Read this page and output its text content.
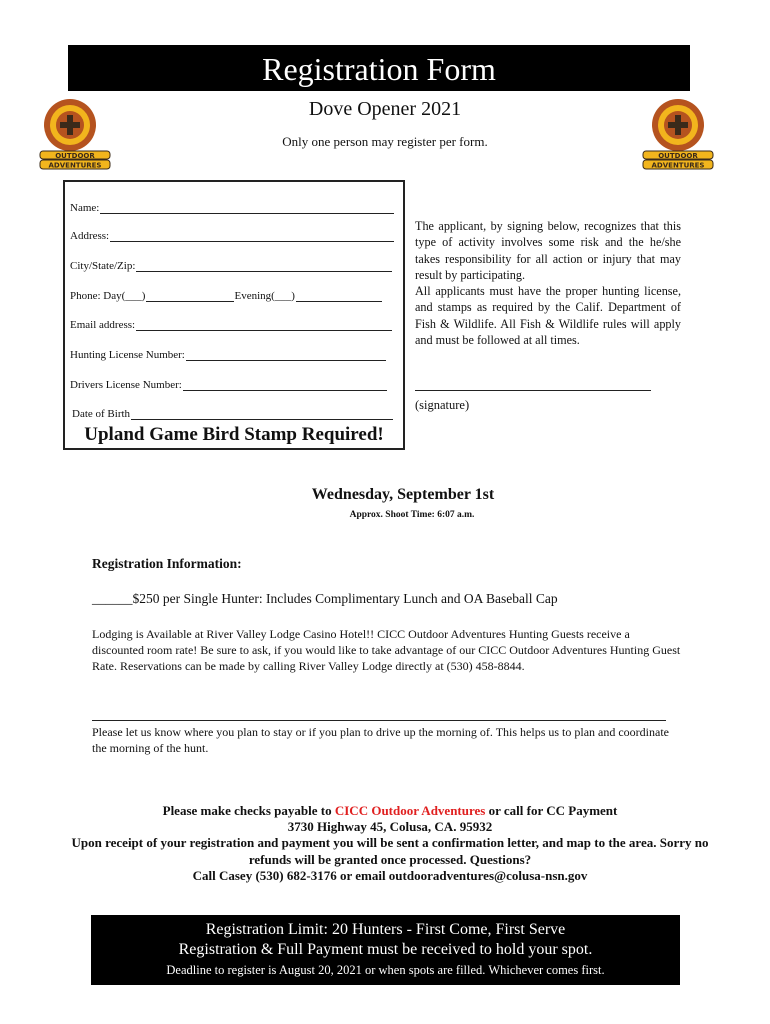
Registration Form
Dove Opener 2021
Only one person may register per form.
OUTDOOR
ADVENTURES
OUTDOOR
ADVENTURES
Name:
Address:
City/State/Zip:
Phone: Day(___)	Evening(___)
Email address:
Hunting License Number:
Drivers License Number:
Date of Birth
Upland Game Bird Stamp Required!
The applicant, by signing below, recognizes that this type of activity involves some risk and the he/she takes responsibility for all action or injury that may result by participating.
All applicants must have the proper hunting license, and stamps as required by the Calif. Department of Fish & Wildlife. All Fish & Wildlife rules will apply and must be followed at all times.
(signature)
Wednesday, September 1st
Approx. Shoot Time: 6:07 a.m.
Registration Information:
______$250 per Single Hunter: Includes Complimentary Lunch and OA Baseball Cap
Lodging is Available at River Valley Lodge Casino Hotel!! CICC Outdoor Adventures Hunting Guests receive a discounted room rate! Be sure to ask, if you would like to take advantage of our CICC Outdoor Adventures Hunting Guest Rate. Reservations can be made by calling River Valley Lodge directly at (530) 458-8844.
Please let us know where you plan to stay or if you plan to drive up the morning of. This helps us to plan and coordinate the morning of the hunt.
Please make checks payable to CICC Outdoor Adventures or call for CC Payment
3730 Highway 45, Colusa, CA. 95932
Upon receipt of your registration and payment you will be sent a confirmation letter, and map to the area. Sorry no refunds will be granted once processed. Questions?
Call Casey (530) 682-3176 or email outdooradventures@colusa-nsn.gov
Registration Limit: 20 Hunters - First Come, First Serve
Registration & Full Payment must be received to hold your spot.
Deadline to register is August 20, 2021 or when spots are filled. Whichever comes first.
